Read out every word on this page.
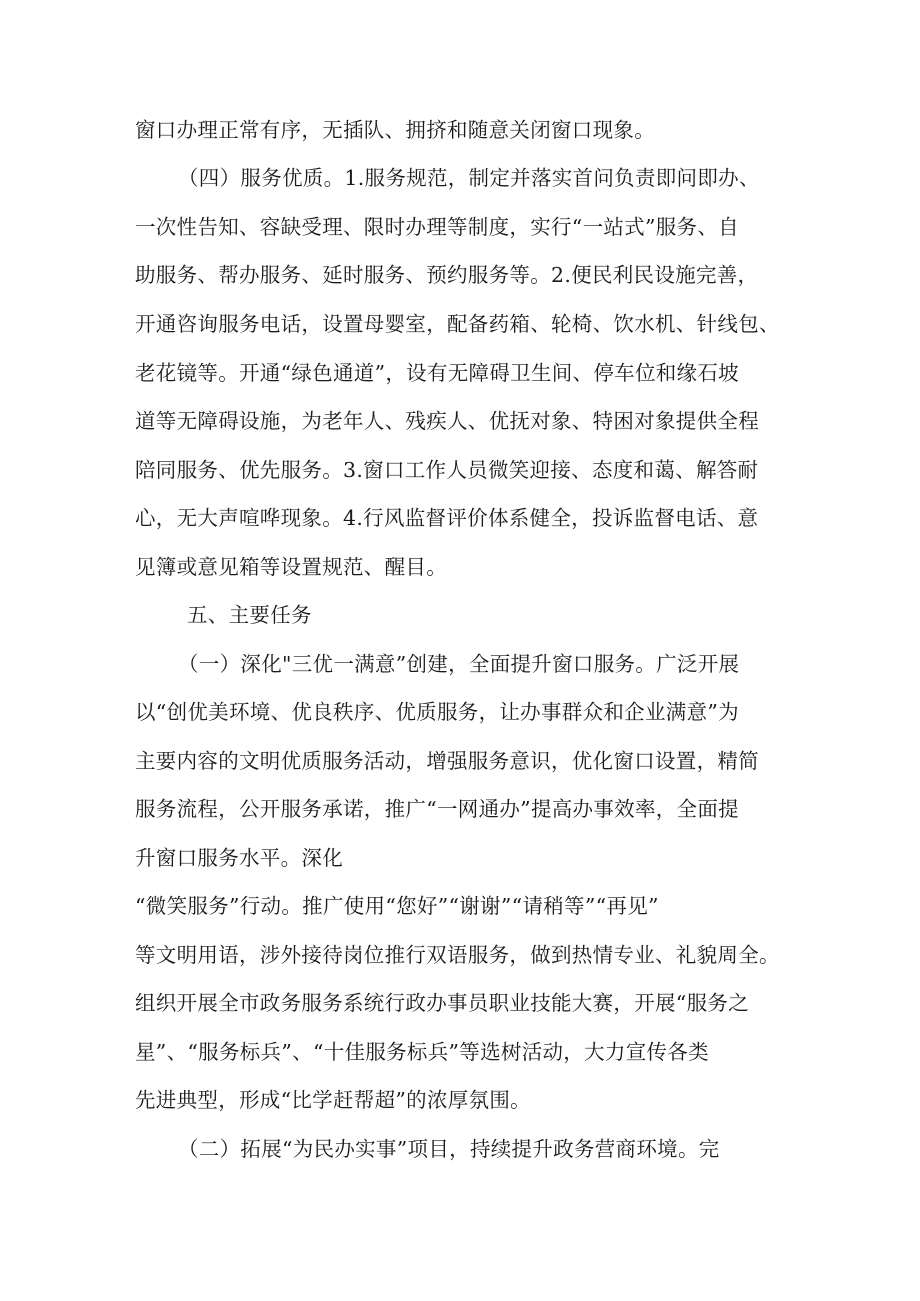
窗口办理正常有序，无插队、拥挤和随意关闭窗口现象。
（四）服务优质。1.服务规范，制定并落实首问负责即问即办、
一次性告知、容缺受理、限时办理等制度，实行“一站式”服务、自
助服务、帮办服务、延时服务、预约服务等。2.便民利民设施完善，
开通咨询服务电话，设置母婴室，配备药箱、轮椅、饮水机、针线包、
老花镜等。开通“绿色通道”，设有无障碍卫生间、停车位和缘石坡
道等无障碍设施，为老年人、残疾人、优抚对象、特困对象提供全程
陪同服务、优先服务。3.窗口工作人员微笑迎接、态度和蔼、解答耐
心，无大声喧哗现象。4.行风监督评价体系健全，投诉监督电话、意
见簿或意见箱等设置规范、醒目。
五、主要任务
（一）深化"三优一满意”创建，全面提升窗口服务。广泛开展
以“创优美环境、优良秩序、优质服务，让办事群众和企业满意”为
主要内容的文明优质服务活动，增强服务意识，优化窗口设置，精简
服务流程，公开服务承诺，推广“一网通办”提高办事效率，全面提
升窗口服务水平。深化
“微笑服务”行动。推广使用“您好”“谢谢”“请稍等”“再见”
等文明用语，涉外接待岗位推行双语服务，做到热情专业、礼貌周全。
组织开展全市政务服务系统行政办事员职业技能大赛，开展“服务之
星”、“服务标兵”、“十佳服务标兵”等选树活动，大力宣传各类
先进典型，形成“比学赶帮超”的浓厚氛围。
（二）拓展“为民办实事”项目，持续提升政务营商环境。完
